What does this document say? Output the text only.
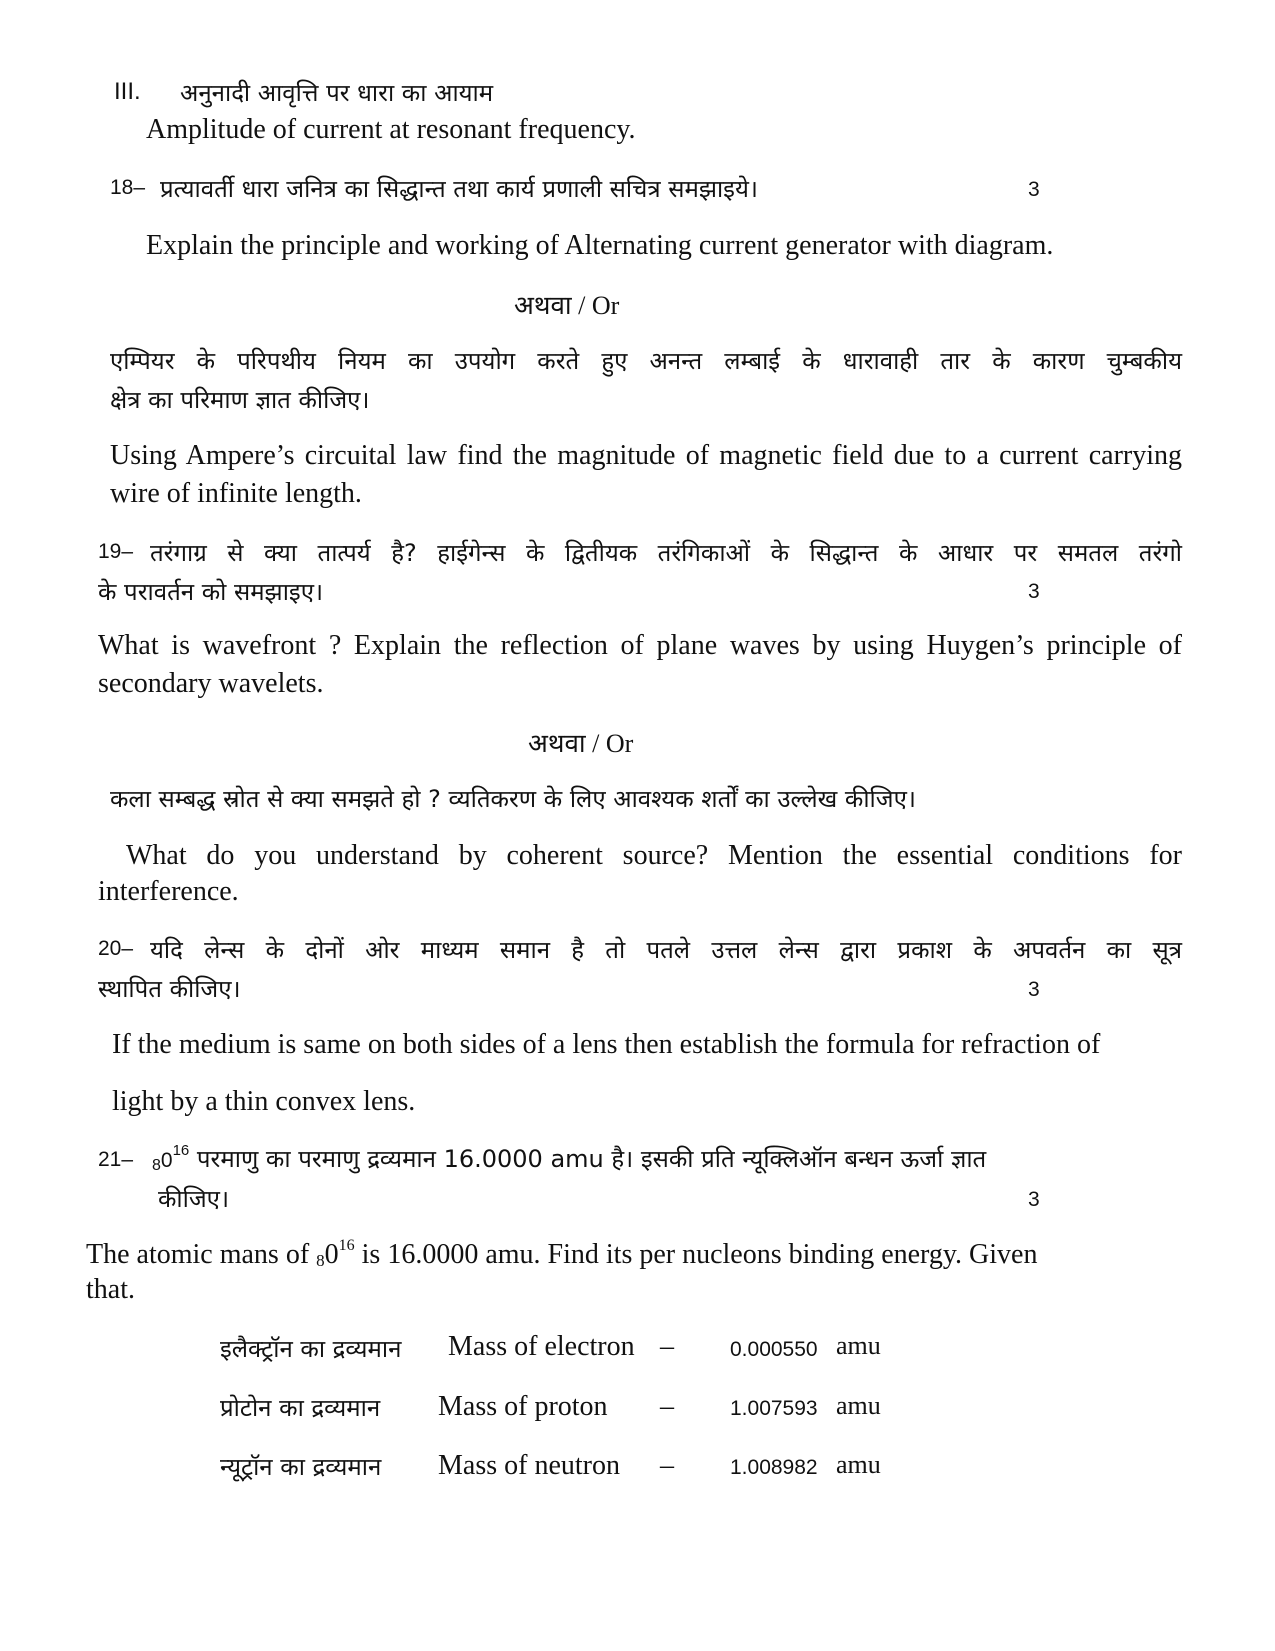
III. अनुनादी आवृत्ति पर धारा का आयाम
Amplitude of current at resonant frequency.
18– प्रत्यावर्ती धारा जनित्र का सिद्धान्त तथा कार्य प्रणाली सचित्र समझाइये।	3
Explain the principle and working of Alternating current generator with diagram.
अथवा / Or
एम्पियर के परिपथीय नियम का उपयोग करते हुए अनन्त लम्बाई के धारावाही तार के कारण चुम्बकीय
क्षेत्र का परिमाण ज्ञात कीजिए।
Using Ampere’s circuital law find the magnitude of magnetic field due to a current carrying
wire of infinite length.
19– तरंगाग्र से क्या तात्पर्य है? हाईगेन्स के द्वितीयक तरंगिकाओं के सिद्धान्त के आधार पर समतल तरंगो
के परावर्तन को समझाइए।	3
What is wavefront ? Explain the reflection of plane waves by using Huygen’s principle of
secondary wavelets.
अथवा / Or
कला सम्बद्ध स्रोत से क्या समझते हो ? व्यतिकरण के लिए आवश्यक शर्तों का उल्लेख कीजिए।
What do you understand by coherent source? Mention the essential conditions for
interference.
20– यदि लेन्स के दोनों ओर माध्यम समान है तो पतले उत्तल लेन्स द्वारा प्रकाश के अपवर्तन का सूत्र
स्थापित कीजिए।	3
If the medium is same on both sides of a lens then establish the formula for refraction of
light by a thin convex lens.
21– $80^{16}$ परमाणु का परमाणु द्रव्यमान 16.0000 amu है। इसकी प्रति न्यूक्लिऑन बन्धन ऊर्जा ज्ञात
कीजिए।	3
The atomic mans of $80^{16}$ is 16.0000 amu. Find its per nucleons binding energy. Given
that.
इलैक्ट्रॉन का द्रव्यमान Mass of electron –	0.000550 amu
प्रोटोन का द्रव्यमान Mass of proton –	1.007593 amu
न्यूट्रॉन का द्रव्यमान Mass of neutron –	1.008982 amu
